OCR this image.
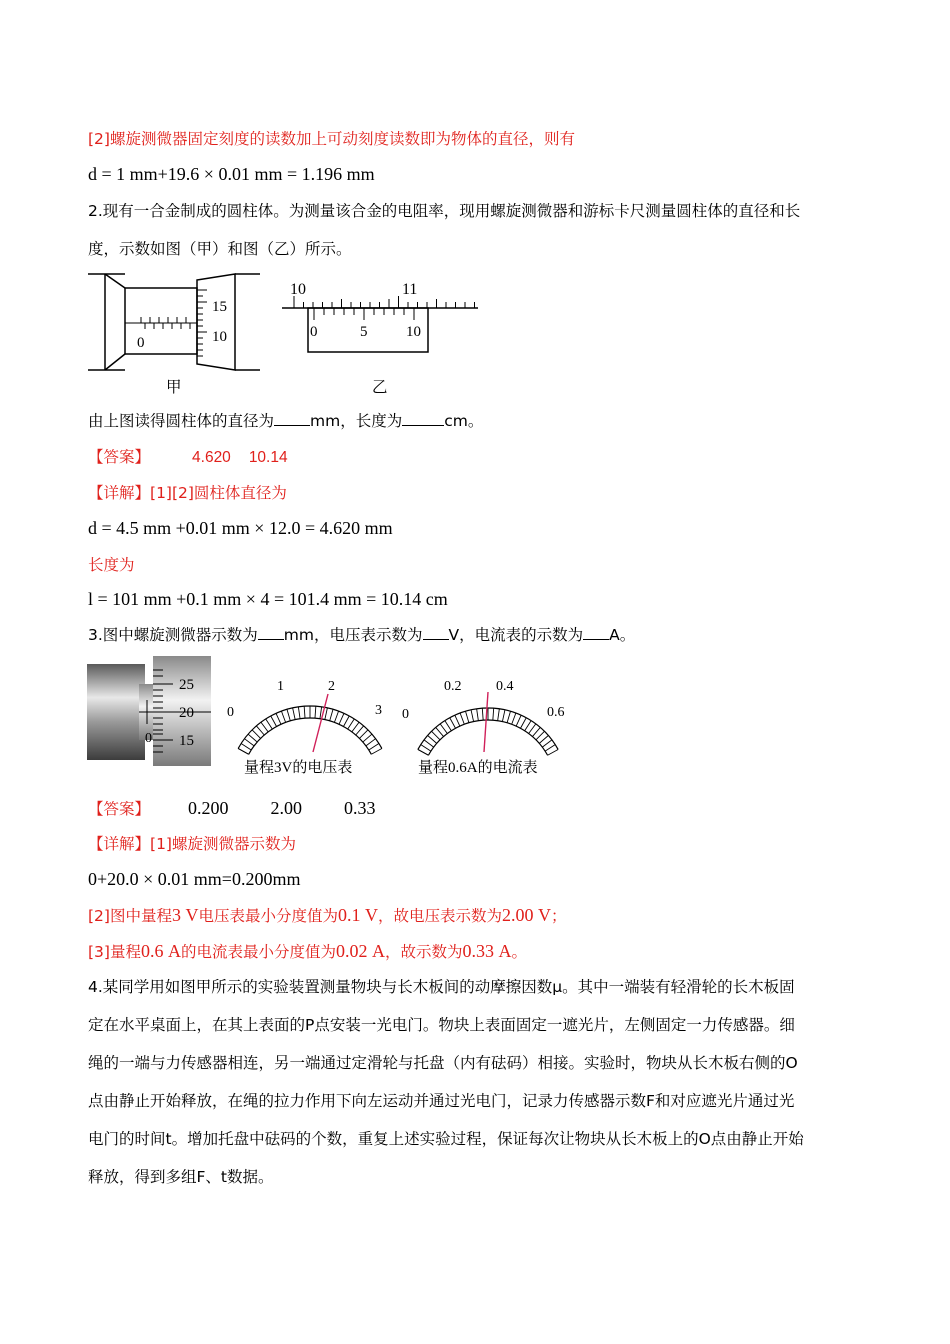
[2]螺旋测微器固定刻度的读数加上可动刻度读数即为物体的直径，则有
d = 1 mm+19.6 × 0.01 mm = 1.196 mm
2.现有一合金制成的圆柱体。为测量该合金的电阻率，现用螺旋测微器和游标卡尺测量圆柱体的直径和长
度，示数如图（甲）和图（乙）所示。
0
15
10
甲
10	11
0	5	10
乙
由上图读得圆柱体的直径为 mm，长度为	cm。
【答案】	4.620 10.14
【详解】[1][2]圆柱体直径为
d = 4.5 mm +0.01 mm × 12.0 = 4.620 mm
长度为
l = 101 mm +0.1 mm × 4 = 101.4 mm = 10.14 cm
3.图中螺旋测微器示数为 mm，电压表示数为 V，电流表的示数为 A。
25
20
15
0
0
1	2
3
量程3V的电压表
0
0.2 0.4
0.6
量程0.6A的电流表
【答案】 0.200 2.00 0.33
【详解】[1]螺旋测微器示数为
0+20.0 × 0.01 mm=0.200mm
[2]图中量程3 V电压表最小分度值为0.1 V，故电压表示数为2.00 V；
[3]量程0.6 A的电流表最小分度值为0.02 A，故示数为0.33 A。
4.某同学用如图甲所示的实验装置测量物块与长木板间的动摩擦因数μ。其中一端装有轻滑轮的长木板固
定在水平桌面上，在其上表面的P点安装一光电门。物块上表面固定一遮光片，左侧固定一力传感器。细
绳的一端与力传感器相连，另一端通过定滑轮与托盘（内有砝码）相接。实验时，物块从长木板右侧的O
点由静止开始释放，在绳的拉力作用下向左运动并通过光电门，记录力传感器示数F和对应遮光片通过光
电门的时间t。增加托盘中砝码的个数，重复上述实验过程，保证每次让物块从长木板上的O点由静止开始
释放，得到多组F、t数据。
